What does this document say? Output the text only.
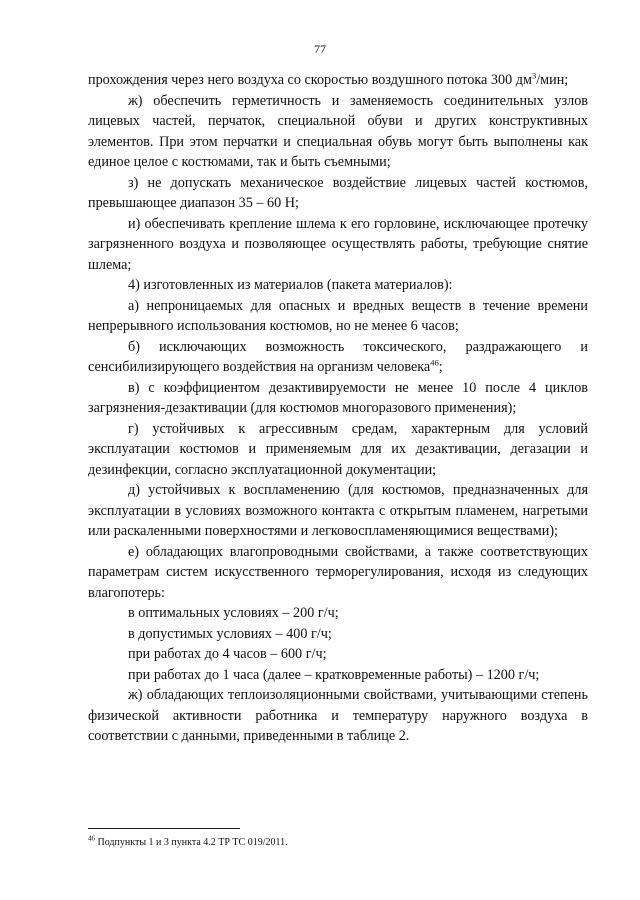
77

прохождения через него воздуха со скоростью воздушного потока 300 $дм^3$/мин;

ж) обеспечить герметичность и заменяемость соединительных узлов лицевых частей, перчаток, специальной обуви и других конструктивных элементов. При этом перчатки и специальная обувь могут быть выполнены как единое целое с костюмами, так и быть съемными;

з) не допускать механическое воздействие лицевых частей костюмов, превышающее диапазон 35 – 60 Н;

и) обеспечивать крепление шлема к его горловине, исключающее протечку загрязненного воздуха и позволяющее осуществлять работы, требующие снятие шлема;

4) изготовленных из материалов (пакета материалов):

а) непроницаемых для опасных и вредных веществ в течение времени непрерывного использования костюмов, но не менее 6 часов;

б) исключающих возможность токсического, раздражающего и сенсибилизирующего воздействия на организм человека$^{46}$;

в) с коэффициентом дезактивируемости не менее 10 после 4 циклов загрязнения-дезактивации (для костюмов многоразового применения);

г) устойчивых к агрессивным средам, характерным для условий эксплуатации костюмов и применяемым для их дезактивации, дегазации и дезинфекции, согласно эксплуатационной документации;

д) устойчивых к воспламенению (для костюмов, предназначенных для эксплуатации в условиях возможного контакта с открытым пламенем, нагретыми или раскаленными поверхностями и легковоспламеняющимися веществами);

е) обладающих влагопроводными свойствами, а также соответствующих параметрам систем искусственного терморегулирования, исходя из следующих влагопотерь:

в оптимальных условиях – 200 г/ч;

в допустимых условиях – 400 г/ч;

при работах до 4 часов – 600 г/ч;

при работах до 1 часа (далее – кратковременные работы) – 1200 г/ч;

ж) обладающих теплоизоляционными свойствами, учитывающими степень физической активности работника и температуру наружного воздуха в соответствии с данными, приведенными в таблице 2.

$^{46}$ Подпункты 1 и 3 пункта 4.2 ТР ТС 019/2011.
